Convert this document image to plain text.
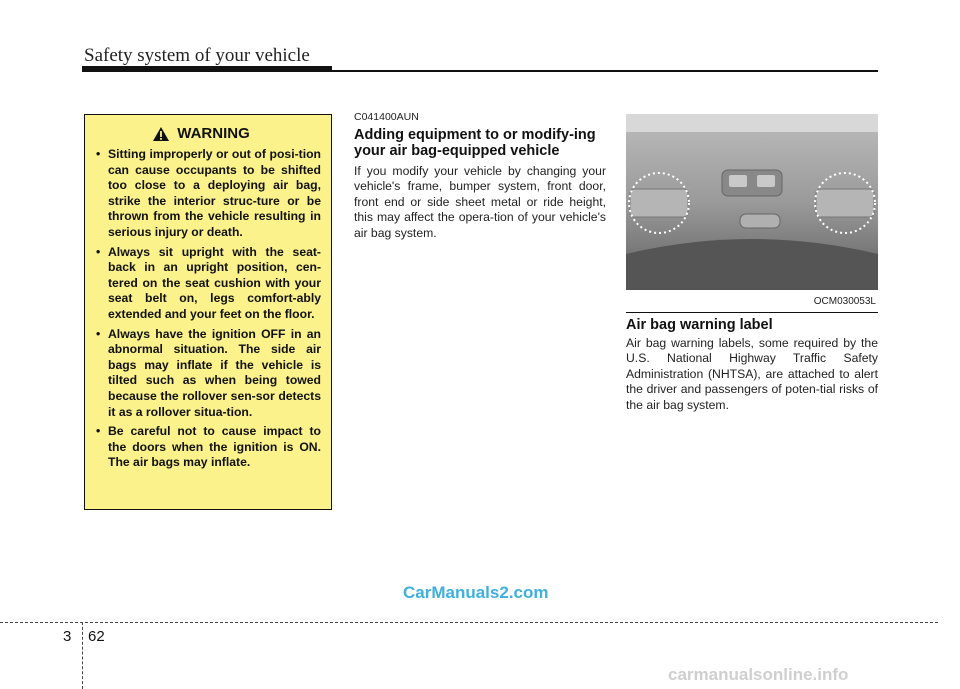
Safety system of your vehicle
WARNING
• Sitting improperly or out of posi-tion can cause occupants to be shifted too close to a deploying air bag, strike the interior struc-ture or be thrown from the vehicle resulting in serious injury or death.
• Always sit upright with the seat-back in an upright position, cen-tered on the seat cushion with your seat belt on, legs comfort-ably extended and your feet on the floor.
• Always have the ignition OFF in an abnormal situation. The side air bags may inflate if the vehicle is tilted such as when being towed because the rollover sen-sor detects it as a rollover situa-tion.
• Be careful not to cause impact to the doors when the ignition is ON. The air bags may inflate.
C041400AUN
Adding equipment to or modify-ing your air bag-equipped vehicle
If you modify your vehicle by changing your vehicle's frame, bumper system, front door, front end or side sheet metal or ride height, this may affect the opera-tion of your vehicle's air bag system.
OCM030053L
Air bag warning label
Air bag warning labels, some required by the U.S. National Highway Traffic Safety Administration (NHTSA), are attached to alert the driver and passengers of poten-tial risks of the air bag system.
CarManuals2.com
3 62
carmanualsonline.info
